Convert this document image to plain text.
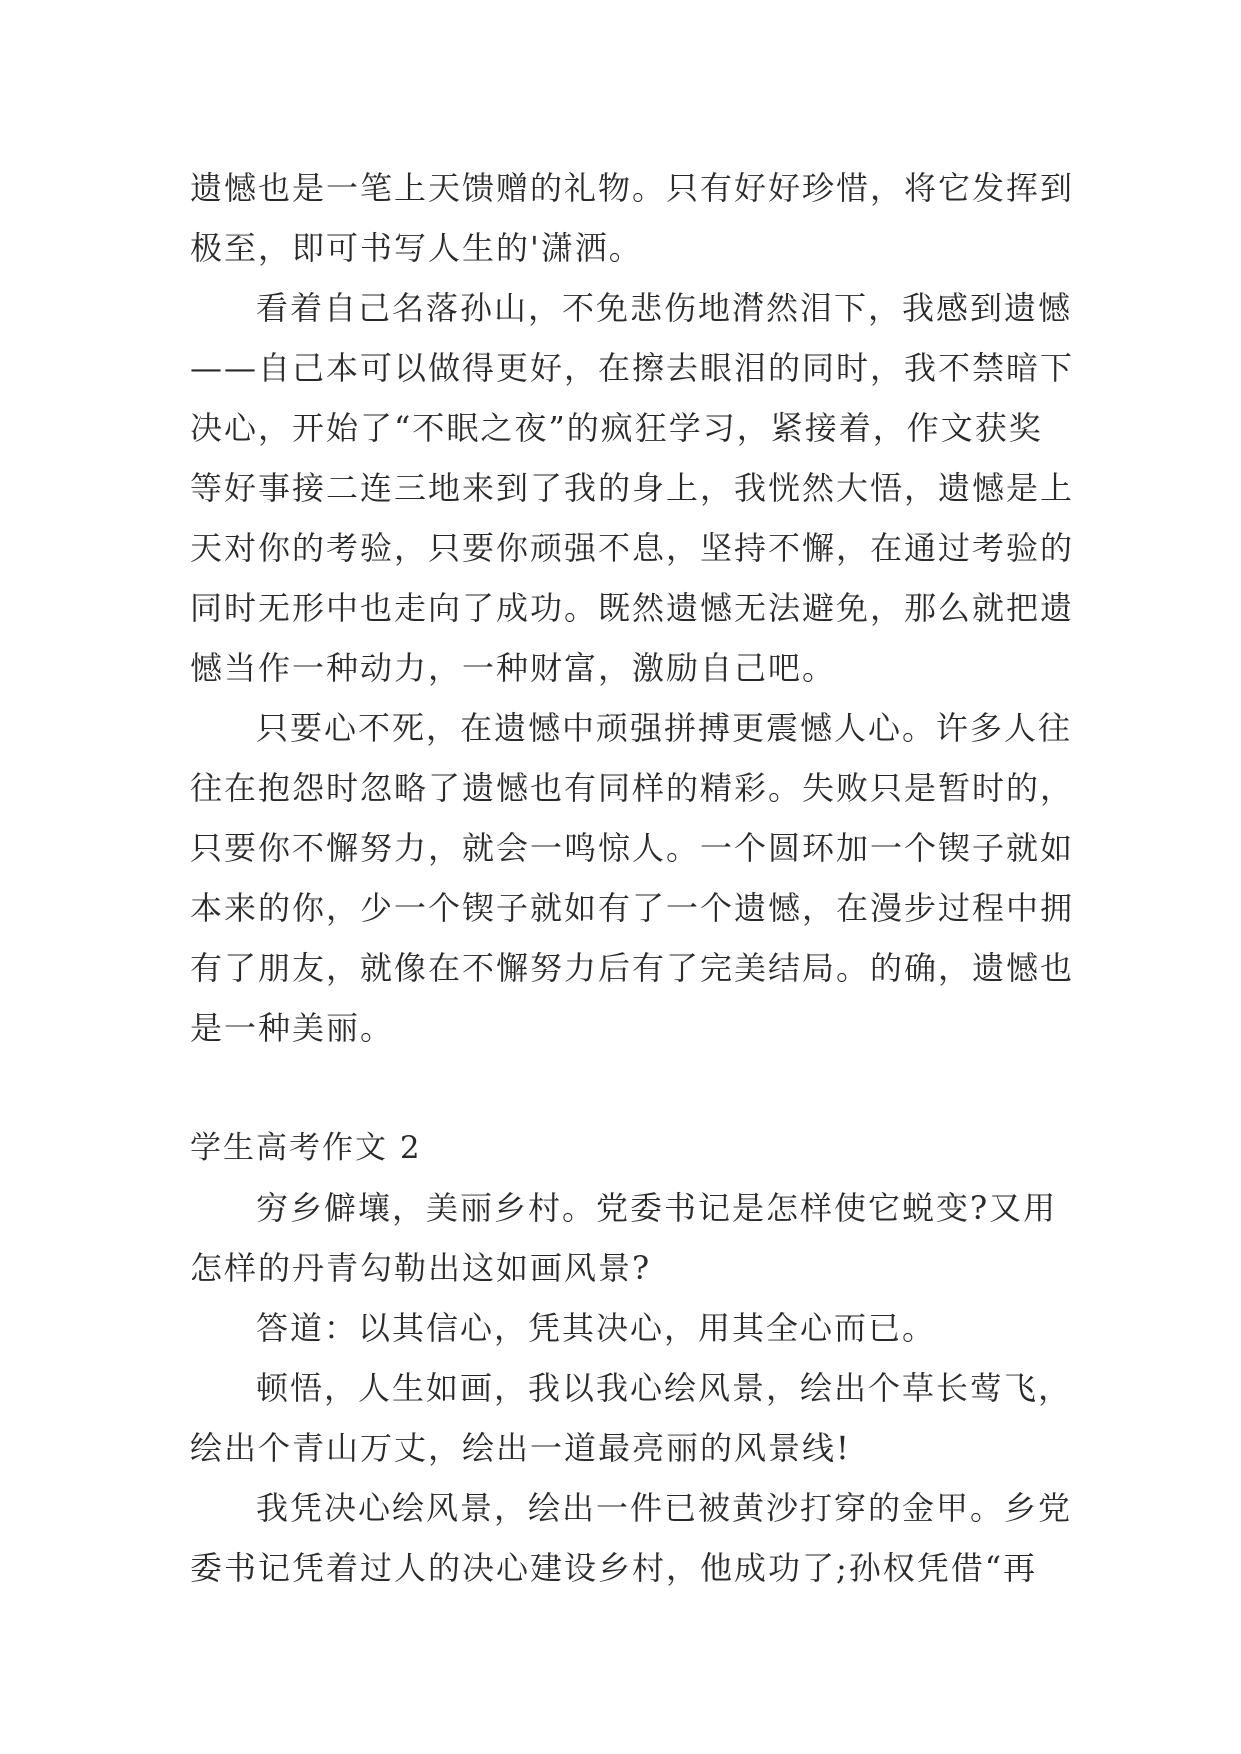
遗憾也是一笔上天馈赠的礼物。只有好好珍惜，将它发挥到
极至，即可书写人生的'潇洒。
看着自己名落孙山，不免悲伤地潸然泪下，我感到遗憾
——自己本可以做得更好，在擦去眼泪的同时，我不禁暗下
决心，开始了“不眠之夜”的疯狂学习，紧接着，作文获奖
等好事接二连三地来到了我的身上，我恍然大悟，遗憾是上
天对你的考验，只要你顽强不息，坚持不懈，在通过考验的
同时无形中也走向了成功。既然遗憾无法避免，那么就把遗
憾当作一种动力，一种财富，激励自己吧。
只要心不死，在遗憾中顽强拼搏更震憾人心。许多人往
往在抱怨时忽略了遗憾也有同样的精彩。失败只是暂时的，
只要你不懈努力，就会一鸣惊人。一个圆环加一个锲子就如
本来的你，少一个锲子就如有了一个遗憾，在漫步过程中拥
有了朋友，就像在不懈努力后有了完美结局。的确，遗憾也
是一种美丽。
学生高考作文 2
穷乡僻壤，美丽乡村。党委书记是怎样使它蜕变?又用
怎样的丹青勾勒出这如画风景?
答道：以其信心，凭其决心，用其全心而已。
顿悟，人生如画，我以我心绘风景，绘出个草长莺飞，
绘出个青山万丈，绘出一道最亮丽的风景线!
我凭决心绘风景，绘出一件已被黄沙打穿的金甲。乡党
委书记凭着过人的决心建设乡村，他成功了;孙权凭借“再
